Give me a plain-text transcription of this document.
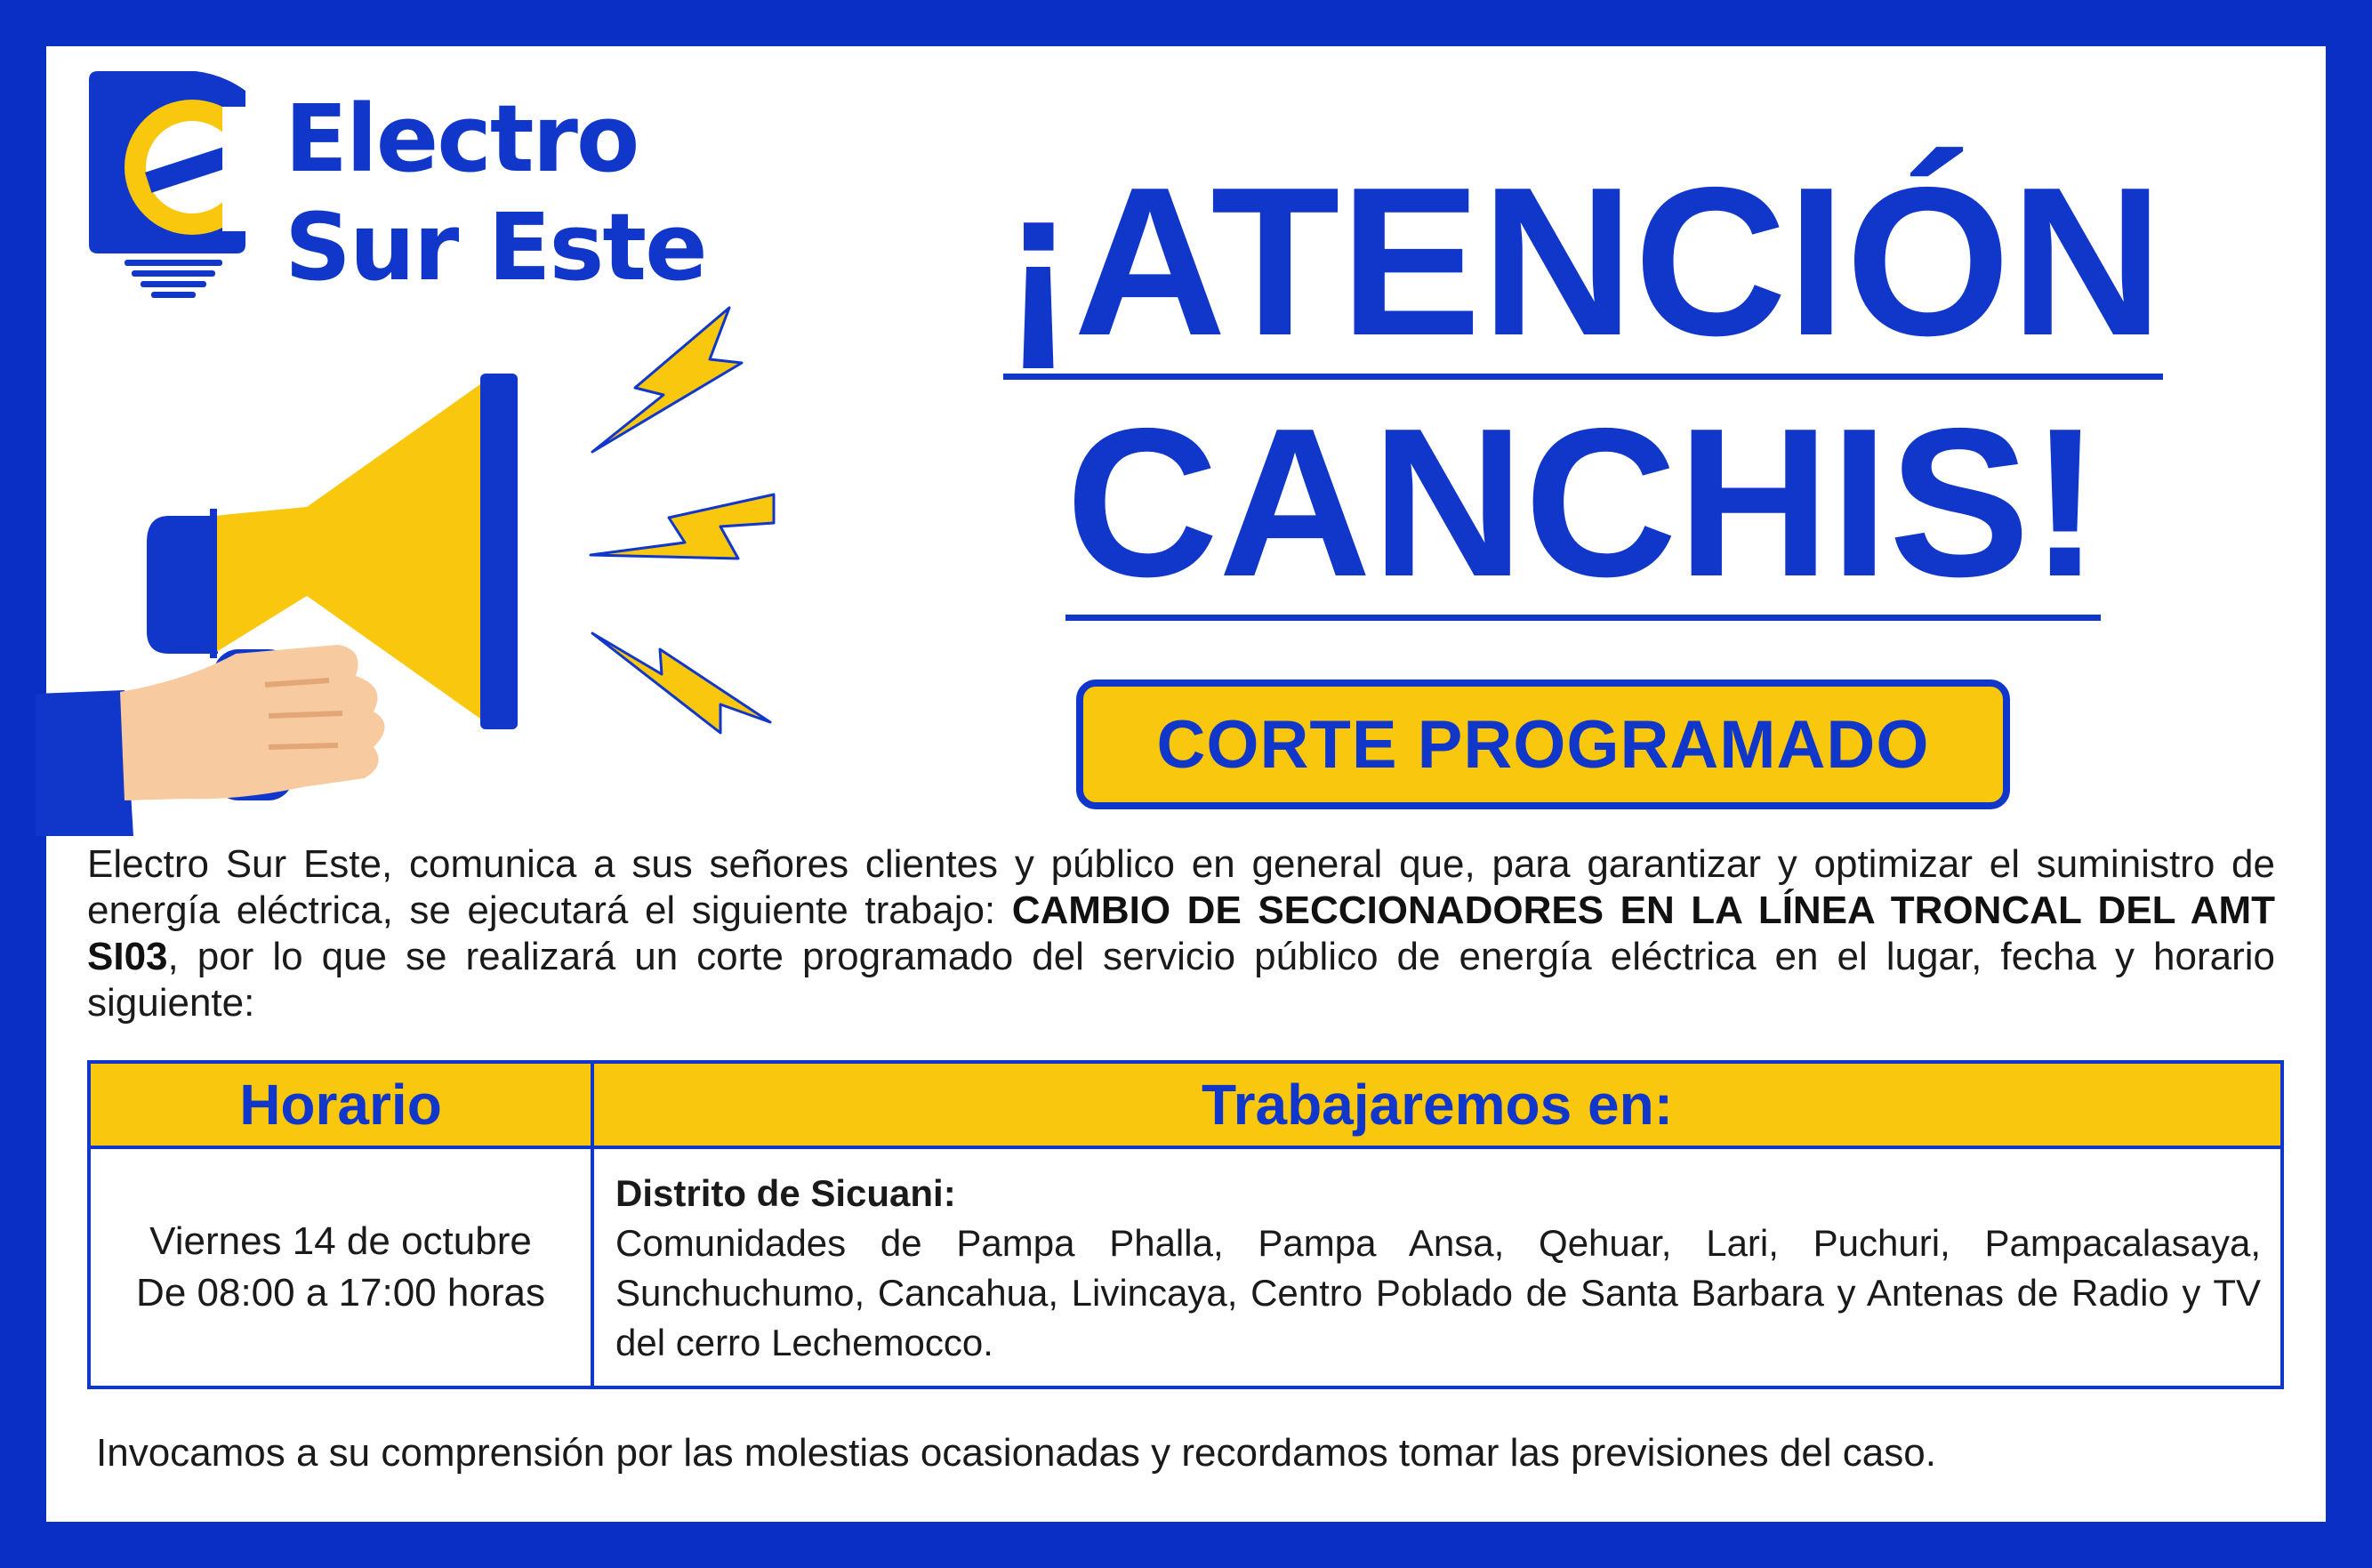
Electro
Sur Este	¡ATENCIÓN
CANCHIS!
CORTE PROGRAMADO
Electro Sur Este, comunica a sus señores clientes y público en general que, para garantizar y optimizar el suministro de energía eléctrica, se ejecutará el siguiente trabajo: CAMBIO DE SECCIONADORES EN LA LÍNEA TRONCAL DEL AMT SI03, por lo que se realizará un corte programado del servicio público de energía eléctrica en el lugar, fecha y horario siguiente:
Horario	Trabajaremos en:
Viernes 14 de octubre
De 08:00 a 17:00 horas
Distrito de Sicuani:
Comunidades de Pampa Phalla, Pampa Ansa, Qehuar, Lari, Puchuri, Pampacalasaya, Sunchuchumo, Cancahua, Livincaya, Centro Poblado de Santa Barbara y Antenas de Radio y TV del cerro Lechemocco.
Invocamos a su comprensión por las molestias ocasionadas y recordamos tomar las previsiones del caso.
